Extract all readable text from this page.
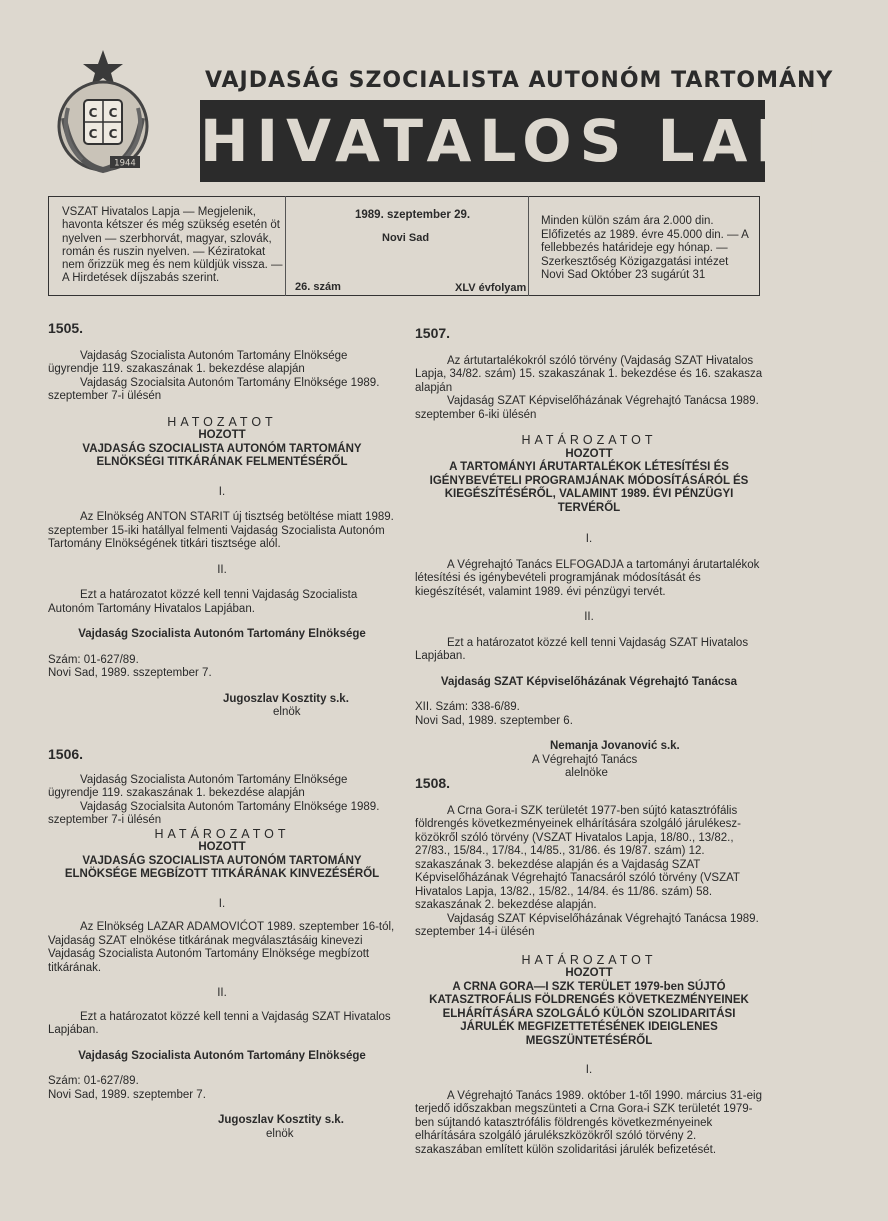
C C
C C
1944
VAJDASÁG SZOCIALISTA AUTONÓM TARTOMÁNY
HIVATALOS LAPJA
VSZAT Hivatalos Lapja — Megjelenik, havonta kétszer és még szükség esetén öt nyelven — szerbhorvát, magyar, szlovák, román és ruszin nyelven. — Kéziratokat nem őrizzük meg és nem küldjük vissza. — A Hirdetések díjszabás szerint.
1989. szeptember 29.
Novi Sad
26. szám	XLV évfolyam
Minden külön szám ára 2.000 din. Előfizetés az 1989. évre 45.000 din. — A fellebbezés határideje egy hónap. — Szerkesztőség Közigazgatási intézet Novi Sad Október 23 sugárút 31

1505.

Vajdaság Szocialista Autonóm Tartomány Elnöksége ügyrendje 119. szakaszának 1. bekezdése alapján

Vajdaság Szocialsita Autonóm Tartomány Elnöksége 1989. szeptember 7-i ülésén

HATOZATOT

HOZOTT

VAJDASÁG SZOCIALISTA AUTONÓM TARTOMÁNY ELNÖKSÉGI TITKÁRÁNAK FELMENTÉSÉRŐL

I.

Az Elnökség ANTON STARIT új tisztség betöltése miatt 1989. szeptember 15-iki hatállyal felmenti Vajdaság Szocialista Autonóm Tartomány Elnökségének titkári tisztsége alól.

II.

Ezt a határozatot közzé kell tenni Vajdaság Szocialista Autonóm Tartomány Hivatalos Lapjában.

Vajdaság Szocialista Autonóm Tartomány Elnöksége

Szám: 01-627/89.

Novi Sad, 1989. sszeptember 7.

Jugoszlav Kosztity s.k.

elnök

1506.

Vajdaság Szocialista Autonóm Tartomány Elnöksége ügyrendje 119. szakaszának 1. bekezdése alapján

Vajdaság Szocialsita Autonóm Tartomány Elnöksége 1989. szeptember 7-i ülésén

HATÁROZATOT

HOZOTT

VAJDASÁG SZOCIALISTA AUTONÓM TARTOMÁNY ELNÖKSÉGE MEGBÍZOTT TITKÁRÁNAK KINVEZÉSÉRŐL

I.

Az Elnökség LAZAR ADAMOVIĆOT 1989. szeptember 16-tól, Vajdaság SZAT elnökése titkárának megválasztásáig kinevezi Vajdaság Szocialista Autonóm Tartomány Elnöksége megbízott titkárának.

II.

Ezt a határozatot közzé kell tenni a Vajdaság SZAT Hivatalos Lapjában.

Vajdaság Szocialista Autonóm Tartomány Elnöksége

Szám: 01-627/89.

Novi Sad, 1989. szeptember 7.

Jugoszlav Kosztity s.k.

elnök

1507.

Az ártutartalékokról szóló törvény (Vajdaság SZAT Hivatalos Lapja, 34/82. szám) 15. szakaszának 1. bekezdése és 16. szakasza alapján

Vajdaság SZAT Képviselőházának Végrehajtó Tanácsa 1989. szeptember 6-iki ülésén

HATÁROZATOT

HOZOTT

A TARTOMÁNYI ÁRUTARTALÉKOK LÉTESÍTÉSI ÉS IGÉNYBEVÉTELI PROGRAMJÁNAK MÓDOSÍTÁSÁRÓL ÉS KIEGÉSZÍTÉSÉRŐL, VALAMINT 1989. ÉVI PÉNZÜGYI TERVÉRŐL

I.

A Végrehajtó Tanács ELFOGADJA a tartományi árutartalékok létesítési és igénybevételi programjának módosítását és kiegészítését, valamint 1989. évi pénzügyi tervét.

II.

Ezt a határozatot közzé kell tenni Vajdaság SZAT Hivatalos Lapjában.

Vajdaság SZAT Képviselőházának Végrehajtó Tanácsa

XII. Szám: 338-6/89.

Novi Sad, 1989. szeptember 6.

Nemanja Jovanović s.k.

A Végrehajtó Tanács

alelnöke

1508.

A Crna Gora-i SZK területét 1977-ben sújtó katasztrófális földrengés következményeinek elhárítására szolgáló járulékesz-közökről szóló törvény (VSZAT Hivatalos Lapja, 18/80., 13/82., 27/83., 15/84., 17/84., 14/85., 31/86. és 19/87. szám) 12. szakaszának 3. bekezdése alapján és a Vajdaság SZAT Képviselőházának Végrehajtó Tanacsáról szóló törvény (VSZAT Hivatalos Lapja, 13/82., 15/82., 14/84. és 11/86. szám) 58. szakaszának 2. bekezdése alapján.

Vajdaság SZAT Képviselőházának Végrehajtó Tanácsa 1989. szeptember 14-i ülésén

HATÁROZATOT

HOZOTT

A CRNA GORA—I SZK TERÜLET 1979-ben SÚJTÓ KATASZTROFÁLIS FÖLDRENGÉS KÖVETKEZMÉNYEINEK ELHÁRÍTÁSÁRA SZOLGÁLÓ KÜLÖN SZOLIDARITÁSI JÁRULÉK MEGFIZETTETÉSÉNEK IDEIGLENES MEGSZÜNTETÉSÉRŐL

I.

A Végrehajtó Tanács 1989. október 1-től 1990. március 31-eig terjedő időszakban megszünteti a Crna Gora-i SZK területét 1979-ben sújtandó katasztrófális földrengés következményeinek elhárítására szolgáló járulékszközökről szóló törvény 2. szakaszában említett külön szolidaritási járulék befizetését.
